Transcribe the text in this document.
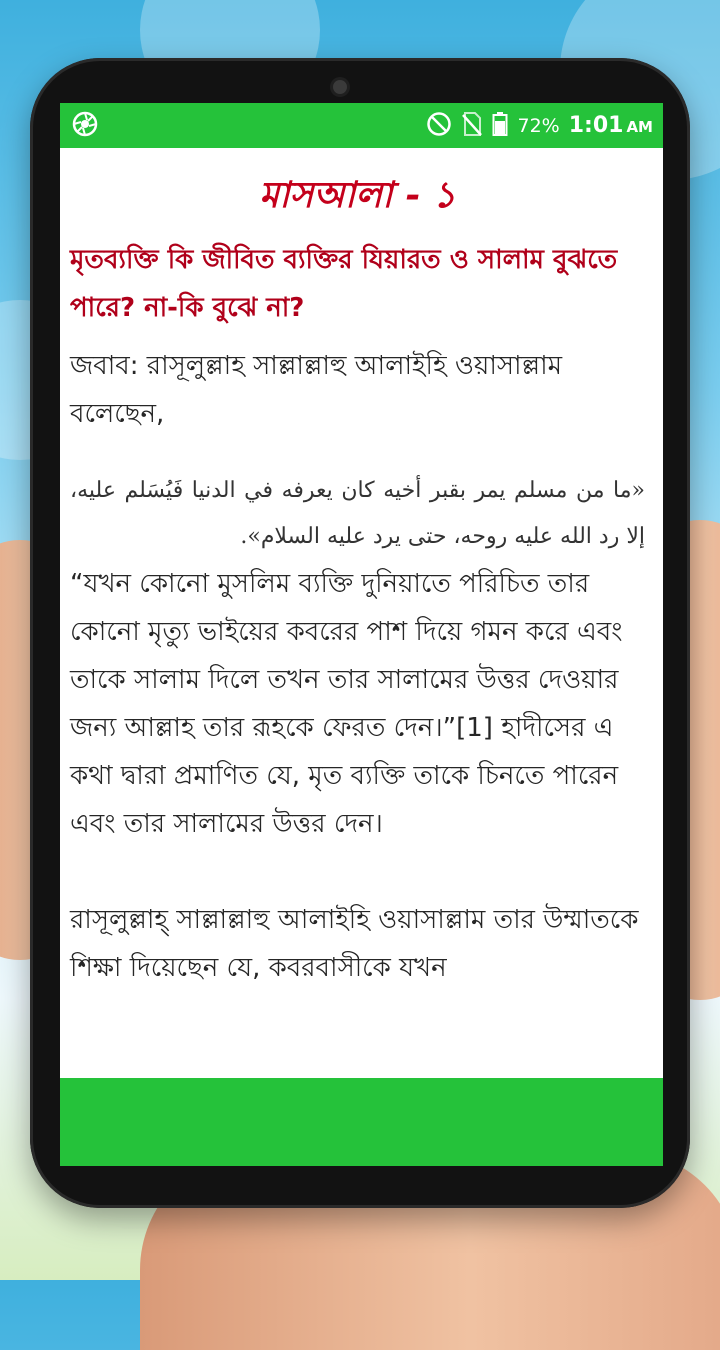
72% 1:01 AM
মাসআলা - ১

মৃতব্যক্তি কি জীবিত ব্যক্তির যিয়ারত ও সালাম বুঝতে পারে? না-কি বুঝে না?

জবাব: রাসূলুল্লাহ সাল্লাল্লাহু আলাইহি ওয়াসাল্লাম বলেছেন,

«ما من مسلم يمر بقبر أخيه كان يعرفه في الدنيا فَيُسَلم عليه، إلا رد الله عليه روحه، حتى يرد عليه السلام».

“যখন কোনো মুসলিম ব্যক্তি দুনিয়াতে পরিচিত তার কোনো মৃত্যু ভাইয়ের কবরের পাশ দিয়ে গমন করে এবং তাকে সালাম দিলে তখন তার সালামের উত্তর দেওয়ার জন্য আল্লাহ তার রূহকে ফেরত দেন।”[1] হাদীসের এ কথা দ্বারা প্রমাণিত যে, মৃত ব্যক্তি তাকে চিনতে পারেন এবং তার সালামের উত্তর দেন।

রাসূলুল্লাহ্‌ সাল্লাল্লাহু আলাইহি ওয়াসাল্লাম তার উম্মাতকে শিক্ষা দিয়েছেন যে, কবরবাসীকে যখন
